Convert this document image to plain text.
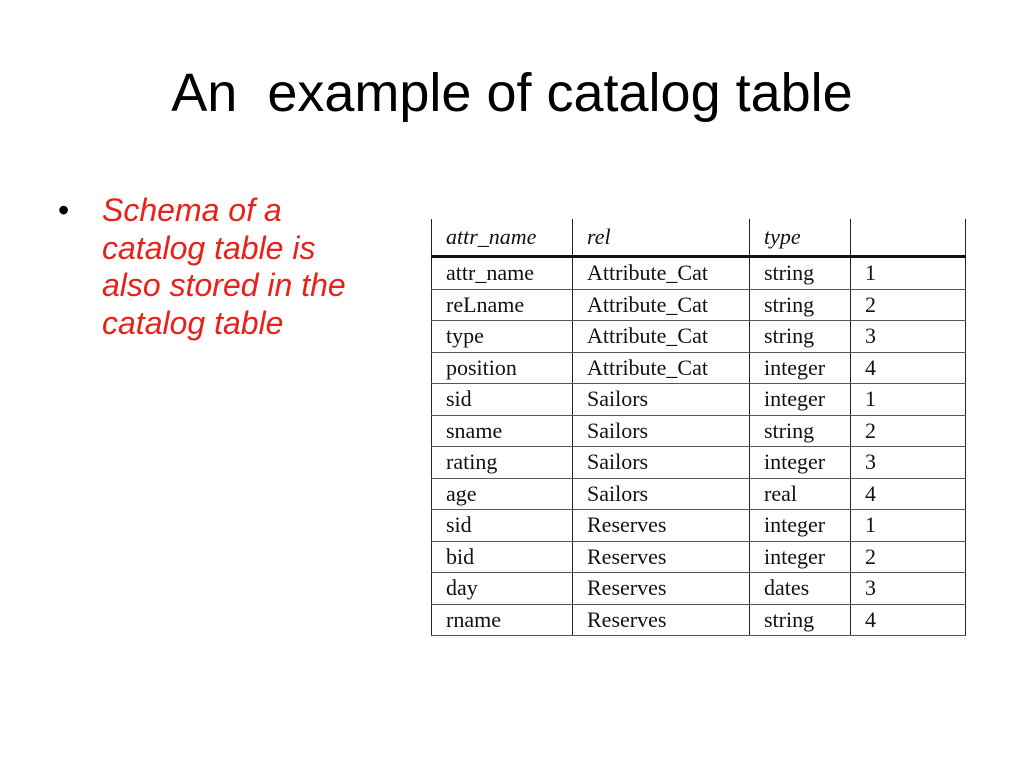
An  example of catalog table
• Schema of a catalog table is also stored in the catalog table
attr_name	rel	type	
attr_name	Attribute_Cat	string	1
reLname	Attribute_Cat	string	2
type	Attribute_Cat	string	3
position	Attribute_Cat	integer	4
sid	Sailors	integer	1
sname	Sailors	string	2
rating	Sailors	integer	3
age	Sailors	real	4
sid	Reserves	integer	1
bid	Reserves	integer	2
day	Reserves	dates	3
rname	Reserves	string	4
